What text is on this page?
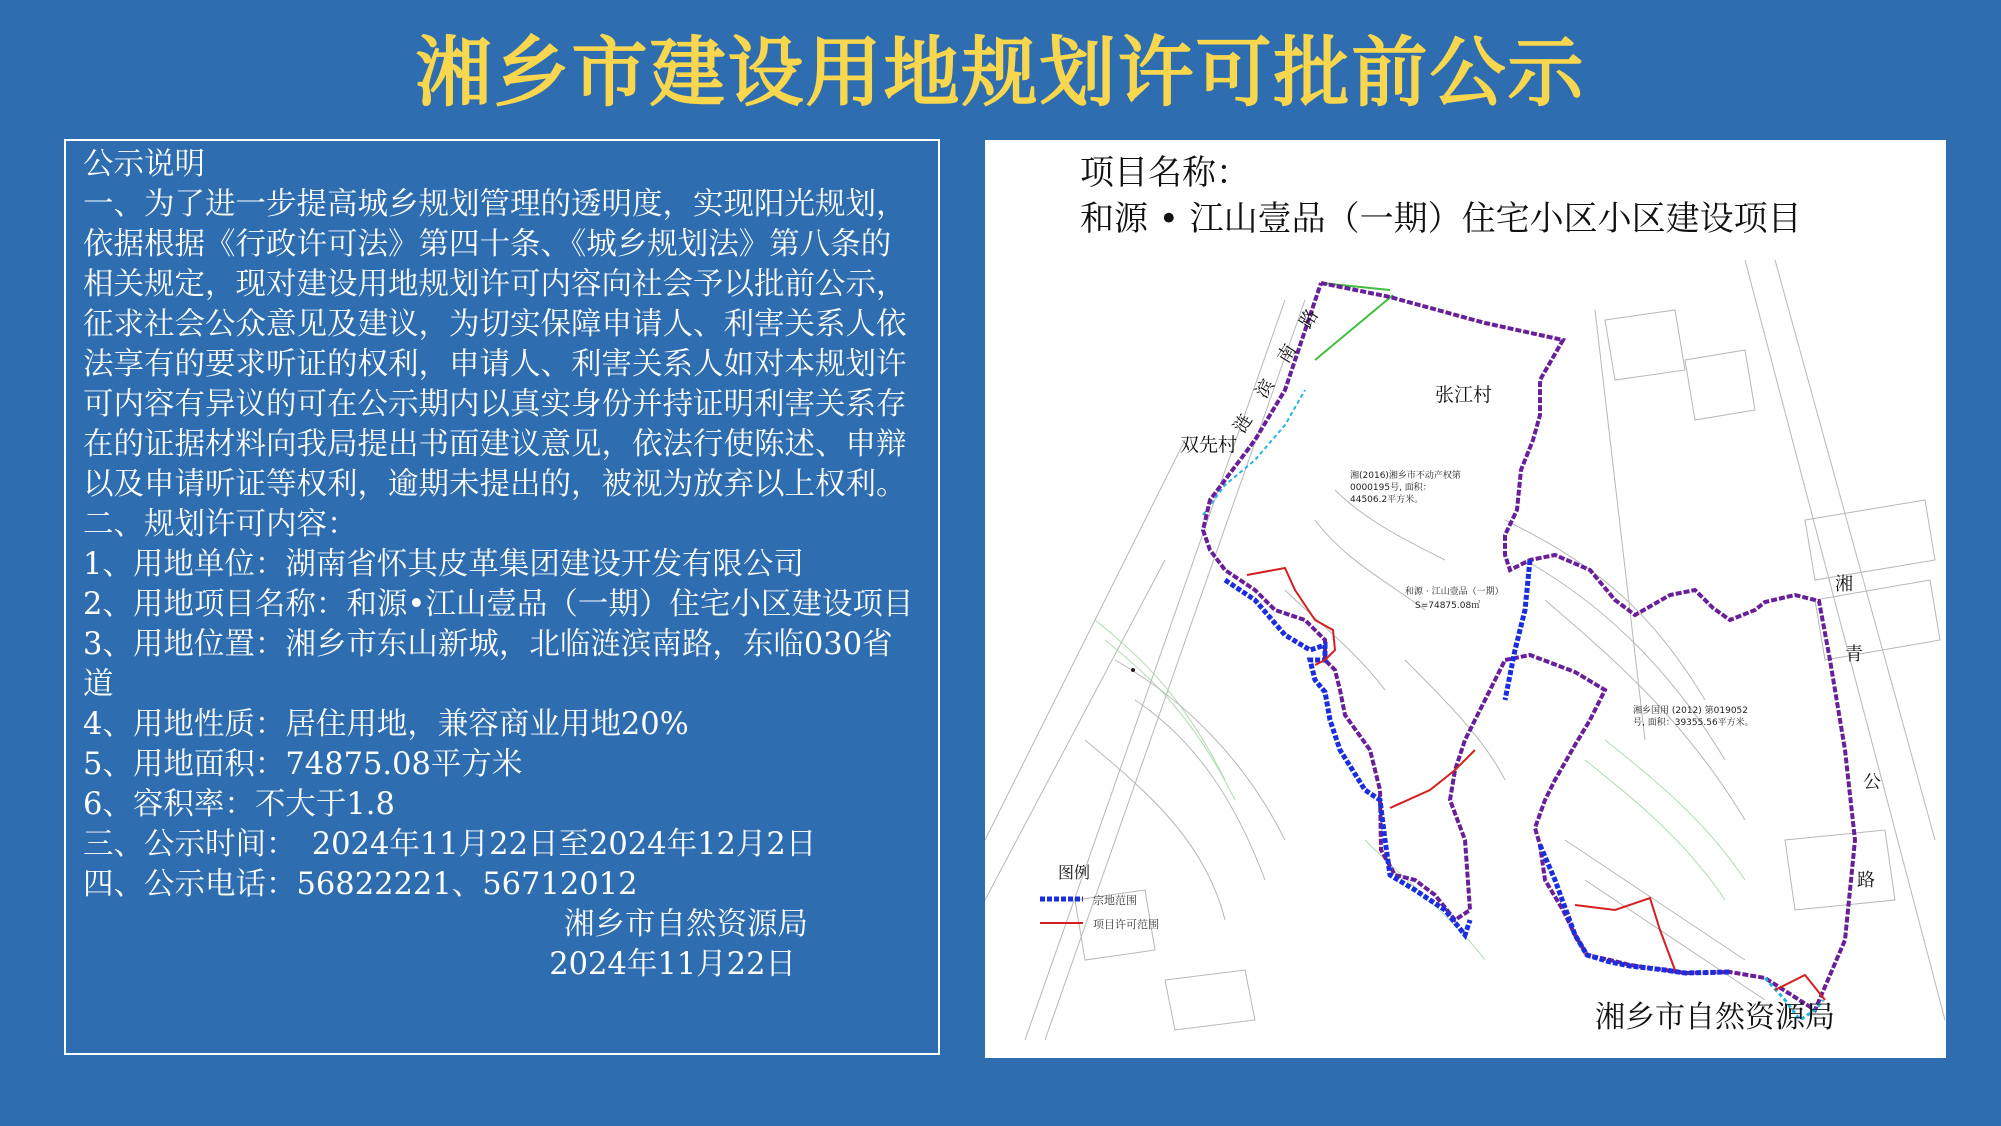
湘乡市建设用地规划许可批前公示

公示说明

一、为了进一步提高城乡规划管理的透明度，实现阳光规划，依据根据《行政许可法》第四十条、《城乡规划法》第八条的相关规定，现对建设用地规划许可内容向社会予以批前公示，征求社会公众意见及建议，为切实保障申请人、利害关系人依法享有的要求听证的权利，申请人、利害关系人如对本规划许可内容有异议的可在公示期内以真实身份并持证明利害关系存在的证据材料向我局提出书面建议意见，依法行使陈述、申辩以及申请听证等权利，逾期未提出的，被视为放弃以上权利。

二、规划许可内容：

1、用地单位：湖南省怀其皮革集团建设开发有限公司

2、用地项目名称：和源•江山壹品（一期）住宅小区建设项目

3、用地位置：湘乡市东山新城，北临涟滨南路，东临030省道

4、用地性质：居住用地，兼容商业用地20%

5、用地面积：74875.08平方米

6、容积率：不大于1.8

三、公示时间：　2024年11月22日至2024年12月2日

四、公示电话：56822221、56712012

湘乡市自然资源局

2024年11月22日

项目名称：
和源 • 江山壹品（一期）住宅小区小区建设项目
张江村
双先村
涟
滨
南
路
湘
青
公
路
湘(2016)湘乡市不动产权第0000195号, 面积：44506.2平方米。
和源 · 江山壹品（一期）
S=74875.08㎡
湘乡国用 (2012) 第019052号, 面积：39355.56平方米。
图例
宗地范围
项目许可范围
湘乡市自然资源局
